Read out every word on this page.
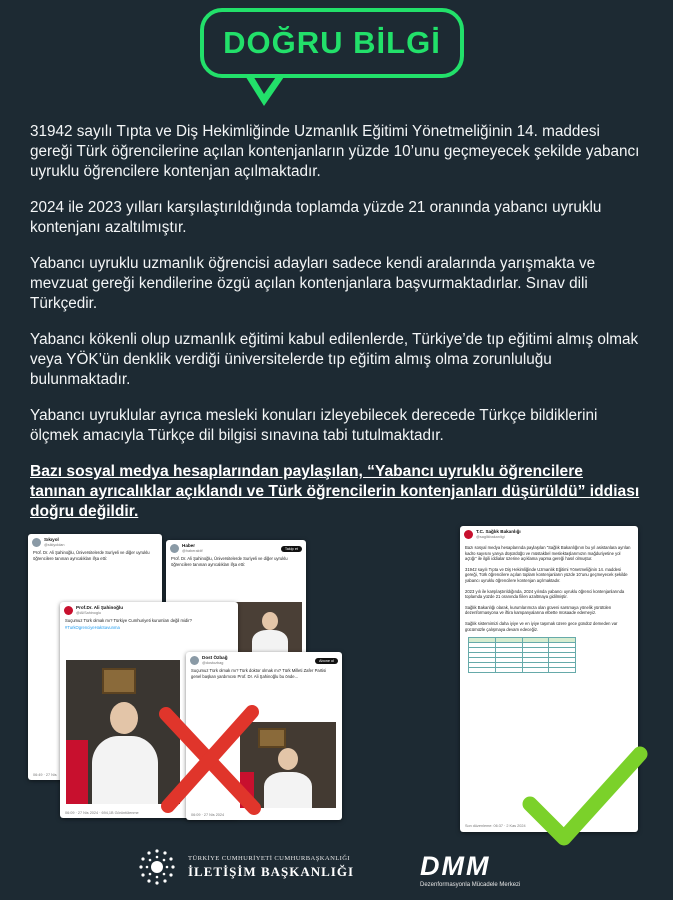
DOĞRU BİLGİ

31942 sayılı Tıpta ve Diş Hekimliğinde Uzmanlık Eğitimi Yönetmeliğinin 14. maddesi gereği Türk öğrencilerine açılan kontenjanların yüzde 10’unu geçmeyecek şekilde yabancı uyruklu öğrencilere kontenjan açılmaktadır.

2024 ile 2023 yılları karşılaştırıldığında toplamda yüzde 21 oranında yabancı uyruklu kontenjanı azaltılmıştır.

Yabancı uyruklu uzmanlık öğrencisi adayları sadece kendi aralarında yarışmakta ve mevzuat gereği kendilerine özgü açılan kontenjanlara başvurmaktadırlar. Sınav dili Türkçedir.

Yabancı kökenli olup uzmanlık eğitimi kabul edilenlerde, Türkiye’de tıp eğitimi almış olmak veya YÖK’ün denklik verdiği üniversitelerde tıp eğitim almış olma zorunluluğu bulunmaktadır.

Yabancı uyruklular ayrıca mesleki konuları izleyebilecek derecede Türkçe bildiklerini ölçmek amacıyla Türkçe dil bilgisi sınavına tabi tutulmaktadır.

Bazı sosyal medya hesaplarından paylaşılan, “Yabancı uyruklu öğrencilere tanınan ayrıcalıklar açıklandı ve Türk öğrencilerin kontenjanları düşürüldü” iddiası doğru değildir.
Sıkıyol
@sikiyoldan
Prof. Dr. Ali Şahinoğlu, Üniversitelerde Suriyeli ve diğer uyruklu öğrencilere tanınan ayrıcalıkları ifşa etti:
06:49 · 27 Nis
Haber
@haberaktif
Takip et
Prof. Dr. Ali Şahinoğlu, Üniversitelerde Suriyeli ve diğer uyruklu öğrencilere tanınan ayrıcalıkları ifşa etti:
Prof.Dr. Ali Şahinoğlu
@AliSahinoglu
Suçumuz Türk olmak mı? Türkiye Cumhuriyeti kurumları değil midir?
#TurkOgrenciyeHakSavunma
06:09 · 27 Nis 2024 · 694,1B Görüntülenme
Dost Özbağ
@dostozbag
Abone ol
Suçumuz Türk olmak mı? Türk doktor olmak mı? Türk Milleti Zafer Partisi genel başkan yardımcısı Prof. Dr. Ali Şahinoğlu bu önde...
06:09 · 27 Nis 2024
T.C. Sağlık Bakanlığı
@saglikbakanligi
Bazı sosyal medya hesaplarında paylaşılan “Sağlık Bakanlığının bu yıl asistanlara ayrılan kadro sayısını yarıya düşürdüğü ve müstakbel meslektaşlarımızın mağduriyetine yol açtığı” ile ilgili iddialar üzerine açıklama yapma gereği hasıl olmuştur.
31942 sayılı Tıpta ve Diş Hekimliğinde Uzmanlık Eğitimi Yönetmeliğinin 14. maddesi gereği, Türk öğrencilere açılan toplam kontenjanların yüzde 10’unu geçmeyecek şekilde yabancı uyruklu öğrencilere kontenjan açılmaktadır.
2023 yılı ile karşılaştırıldığında, 2024 yılında yabancı uyruklu öğrenci kontenjanlarında toplamda yüzde 21 oranında fiilen azaltmaya gidilmiştir.
Sağlık Bakanlığı olarak, kurumlarımıza olan güveni sarsmaya yönelik yürütülen dezenformasyona ve iftira kampanyalarına elbette müsaade edemeyiz.
Sağlık sistemimizi daha iyiye ve en iyiye taşımak üzere gece gündüz demeden var gücümüzle çalışmaya devam edeceğiz.

Son düzenleme: 06:37 · 2 Kas 2024
TÜRKİYE CUMHURİYETİ CUMHURBAŞKANLIĞI
İLETİŞİM BAŞKANLIĞI DMM
Dezenformasyonla Mücadele Merkezi
